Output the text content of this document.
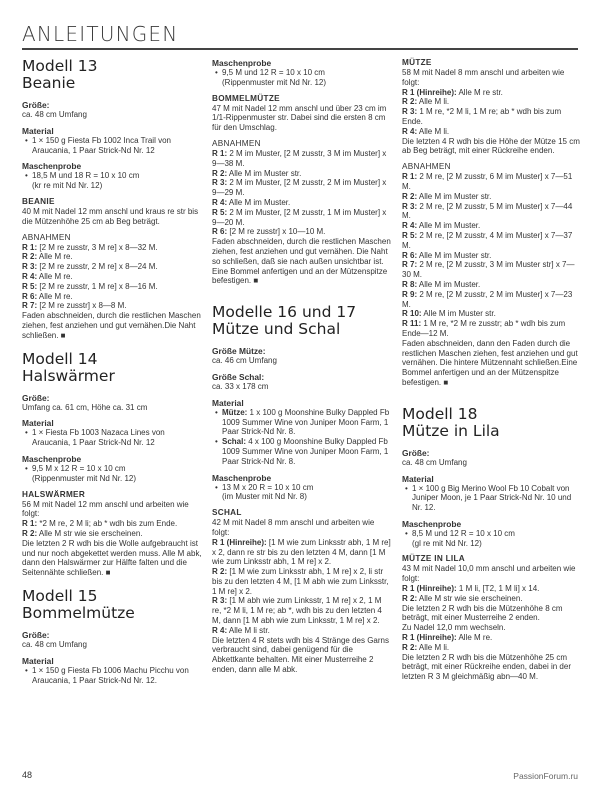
ANLEITUNGEN
Modell 13
Beanie
Größe:
ca. 48 cm Umfang
Material
• 1 × 150 g Fiesta Fb 1002 Inca Trail von Araucania, 1 Paar Strick-Nd Nr. 12
Maschenprobe
• 18,5 M und 18 R = 10 x 10 cm
(kr re mit Nd Nr. 12)
BEANIE
40 M mit Nadel 12 mm anschl und kraus re str bis die Mützenhöhe 25 cm ab Beg beträgt.
ABNAHMEN
R 1: [2 M re zusstr, 3 M re] x 8—32 M.
R 2: Alle M re.
R 3: [2 M re zusstr, 2 M re] x 8—24 M.
R 4: Alle M re.
R 5: [2 M re zusstr, 1 M re] x 8—16 M.
R 6: Alle M re.
R 7: [2 M re zusstr] x 8—8 M.
Faden abschneiden, durch die restlichen Maschen ziehen, fest anziehen und gut vernähen.Die Naht schließen. ■
Modell 14
Halswärmer
Größe:
Umfang ca. 61 cm, Höhe ca. 31 cm
Material
• 1 × Fiesta Fb 1003 Nazaca Lines von Araucania, 1 Paar Strick-Nd Nr. 12
Maschenprobe
• 9,5 M x 12 R = 10 x 10 cm
(Rippenmuster mit Nd Nr. 12)
HALSWÄRMER
56 M mit Nadel 12 mm anschl und arbeiten wie folgt:
R 1: *2 M re, 2 M li; ab * wdh bis zum Ende.
R 2: Alle M str wie sie erscheinen.
Die letzten 2 R wdh bis die Wolle aufgebraucht ist und nur noch abgekettet werden muss. Alle M abk, dann den Halswärmer zur Hälfte falten und die Seitennähte schließen. ■
Modell 15
Bommelmütze
Größe:
ca. 48 cm Umfang
Material
• 1 × 150 g Fiesta Fb 1006 Machu Picchu von Araucania, 1 Paar Strick-Nd Nr. 12.
Maschenprobe
• 9,5 M und 12 R = 10 x 10 cm
(Rippenmuster mit Nd Nr. 12)
BOMMELMÜTZE
47 M mit Nadel 12 mm anschl und über 23 cm im 1/1-Rippenmuster str. Dabei sind die ersten 8 cm für den Umschlag.
ABNAHMEN
R 1: 2 M im Muster, [2 M zusstr, 3 M im Muster] x 9—38 M.
R 2: Alle M im Muster str.
R 3: 2 M im Muster, [2 M zusstr, 2 M im Muster] x 9—29 M.
R 4: Alle M im Muster.
R 5: 2 M im Muster, [2 M zusstr, 1 M im Muster] x 9—20 M.
R 6: [2 M re zusstr] x 10—10 M.
Faden abschneiden, durch die restlichen Maschen ziehen, fest anziehen und gut vernähen. Die Naht so schließen, daß sie nach außen unsichtbar ist. Eine Bommel anfertigen und an der Mützenspitze befestigen. ■
Modelle 16 und 17
Mütze und Schal
Größe Mütze:
ca. 46 cm Umfang
Größe Schal:
ca. 33 x 178 cm
Material
• Mütze: 1 x 100 g Moonshine Bulky Dappled Fb 1009 Summer Wine von Juniper Moon Farm, 1 Paar Strick-Nd Nr. 8.
• Schal: 4 x 100 g Moonshine Bulky Dappled Fb 1009 Summer Wine von Juniper Moon Farm, 1 Paar Strick-Nd Nr. 8.
Maschenprobe
• 13 M x 20 R = 10 x 10 cm
(im Muster mit Nd Nr. 8)
SCHAL
42 M mit Nadel 8 mm anschl und arbeiten wie folgt:
R 1 (Hinreihe): [1 M wie zum Linksstr abh, 1 M re] x 2, dann re str bis zu den letzten 4 M, dann [1 M wie zum Linksstr abh, 1 M re] x 2.
R 2: [1 M wie zum Linksstr abh, 1 M re] x 2, li str bis zu den letzten 4 M, [1 M abh wie zum Linksstr, 1 M re] x 2.
R 3: [1 M abh wie zum Linksstr, 1 M re] x 2, 1 M re, *2 M li, 1 M re; ab *, wdh bis zu den letzten 4 M, dann [1 M abh wie zum Linksstr, 1 M re] x 2.
R 4: Alle M li str.
Die letzten 4 R stets wdh bis 4 Stränge des Garns verbraucht sind, dabei genügend für die Abkettkante behalten. Mit einer Musterreihe 2 enden, dann alle M abk.
MÜTZE
58 M mit Nadel 8 mm anschl und arbeiten wie folgt:
R 1 (Hinreihe): Alle M re str.
R 2: Alle M li.
R 3: 1 M re, *2 M li, 1 M re; ab * wdh bis zum Ende.
R 4: Alle M li.
Die letzten 4 R wdh bis die Höhe der Mütze 15 cm ab Beg beträgt, mit einer Rückreihe enden.
ABNAHMEN
R 1: 2 M re, [2 M zusstr, 6 M im Muster] x 7—51 M.
R 2: Alle M im Muster str.
R 3: 2 M re, [2 M zusstr, 5 M im Muster] x 7—44 M.
R 4: Alle M im Muster.
R 5: 2 M re, [2 M zusstr, 4 M im Muster] x 7—37 M.
R 6: Alle M im Muster str.
R 7: 2 M re, [2 M zusstr, 3 M im Muster str] x 7—30 M.
R 8: Alle M im Muster.
R 9: 2 M re, [2 M zusstr, 2 M im Muster] x 7—23 M.
R 10: Alle M im Muster str.
R 11: 1 M re, *2 M re zusstr; ab * wdh bis zum Ende—12 M.
Faden abschneiden, dann den Faden durch die restlichen Maschen ziehen, fest anziehen und gut vernähen. Die hintere Mützennaht schließen.Eine Bommel anfertigen und an der Mützenspitze befestigen. ■
Modell 18
Mütze in Lila
Größe:
ca. 48 cm Umfang
Material
• 1 × 100 g Big Merino Wool Fb 10 Cobalt von Juniper Moon, je 1 Paar Strick-Nd Nr. 10 und Nr. 12.
Maschenprobe
• 8,5 M und 12 R = 10 x 10 cm
(gl re mit Nd Nr. 12)
MÜTZE IN LILA
43 M mit Nadel 10,0 mm anschl und arbeiten wie folgt:
R 1 (Hinreihe): 1 M li, [T2, 1 M li] x 14.
R 2: Alle M str wie sie erscheinen.
Die letzten 2 R wdh bis die Mützenhöhe 8 cm beträgt, mit einer Musterreihe 2 enden.
Zu Nadel 12,0 mm wechseln.
R 1 (Hinreihe): Alle M re.
R 2: Alle M li.
Die letzten 2 R wdh bis die Mützenhöhe 25 cm beträgt, mit einer Rückreihe enden, dabei in der letzten R 3 M gleichmäßig abn—40 M.
48	PassionForum.ru
